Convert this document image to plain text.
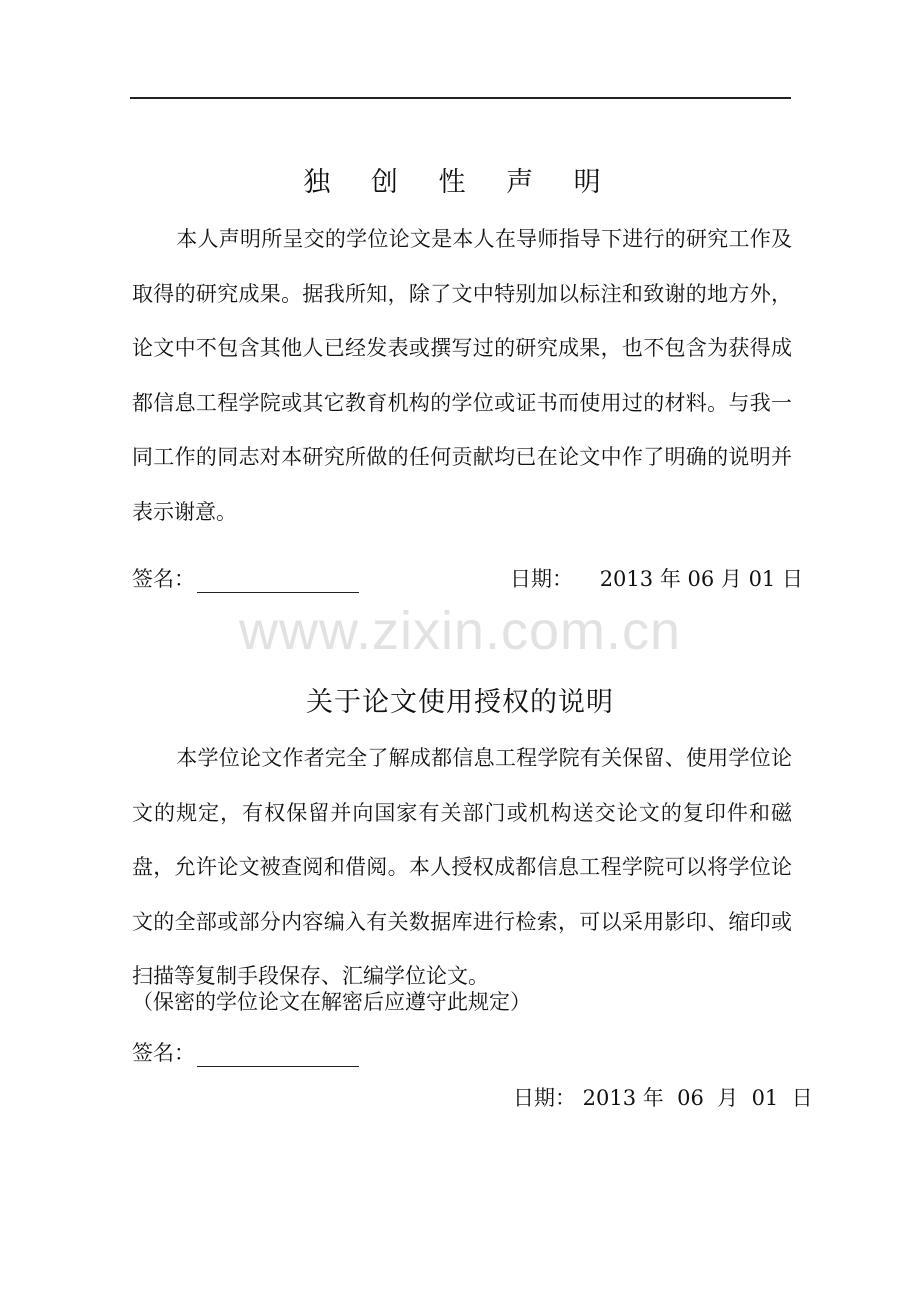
独 创 性 声 明

本人声明所呈交的学位论文是本人在导师指导下进行的研究工作及取得的研究成果。据我所知，除了文中特别加以标注和致谢的地方外，论文中不包含其他人已经发表或撰写过的研究成果，也不包含为获得成都信息工程学院或其它教育机构的学位或证书而使用过的材料。与我一同工作的同志对本研究所做的任何贡献均已在论文中作了明确的说明并表示谢意。

签名：	日期：    2013 年 06 月 01 日
www.zixin.com.cn
关于论文使用授权的说明

本学位论文作者完全了解成都信息工程学院有关保留、使用学位论文的规定，有权保留并向国家有关部门或机构送交论文的复印件和磁盘，允许论文被查阅和借阅。本人授权成都信息工程学院可以将学位论文的全部或部分内容编入有关数据库进行检索，可以采用影印、缩印或扫描等复制手段保存、汇编学位论文。

（保密的学位论文在解密后应遵守此规定）
签名：
日期： 2013 年  06  月  01  日
